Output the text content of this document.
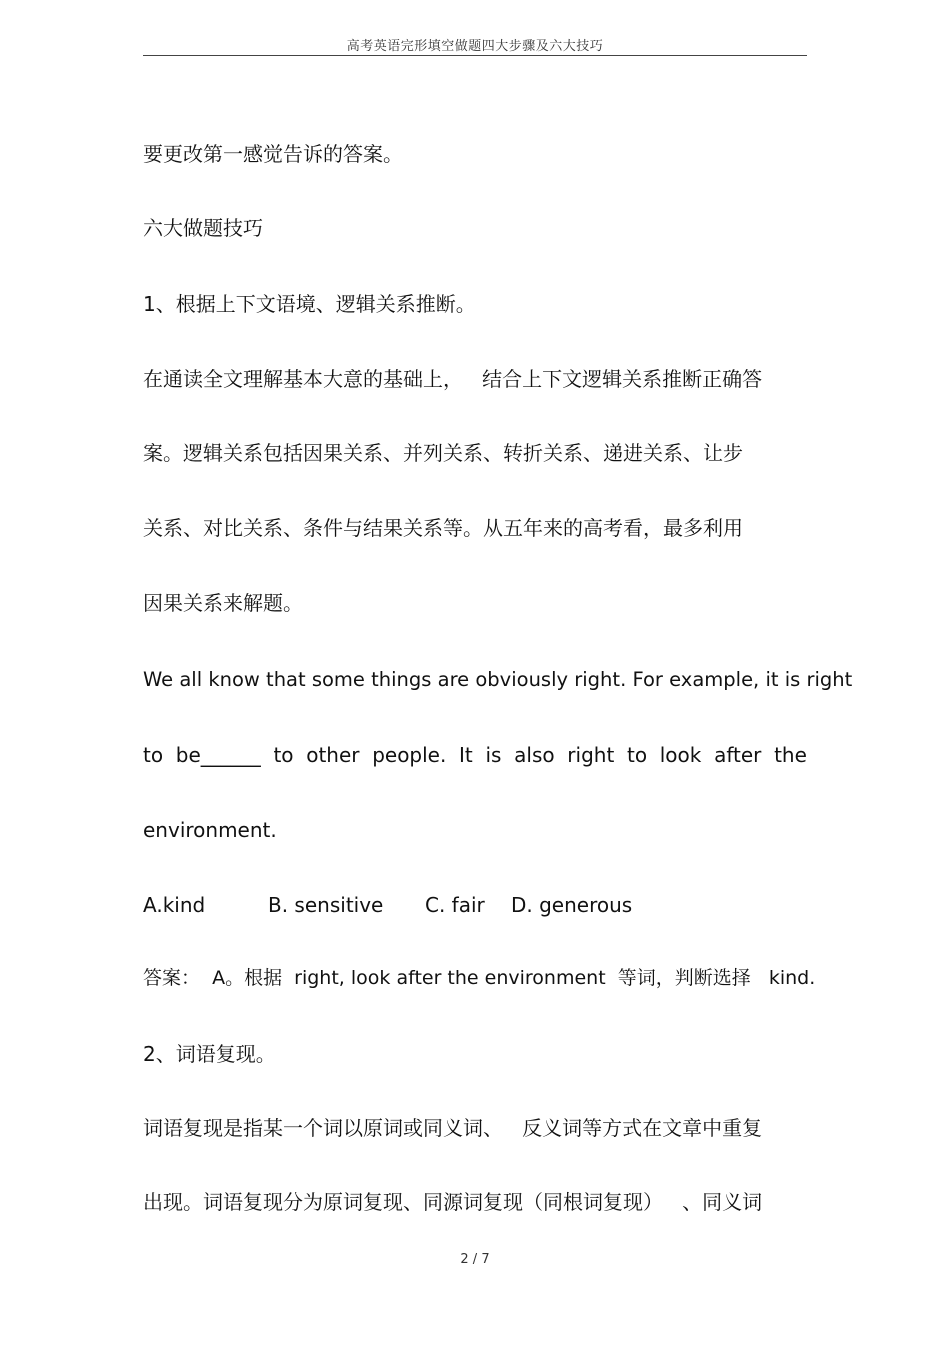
高考英语完形填空做题四大步骤及六大技巧
要更改第一感觉告诉的答案。
六大做题技巧
1、根据上下文语境、逻辑关系推断。
在通读全文理解基本大意的基础上，   结合上下文逻辑关系推断正确答
案。逻辑关系包括因果关系、并列关系、转折关系、递进关系、让步
关系、对比关系、条件与结果关系等。从五年来的高考看，最多利用
因果关系来解题。
We all know that some things are obviously right. For example, it is right
to be______ to other people. It is also right to look after the
environment.
A.kind	B. sensitive C. fair D. generous
答案：  A。根据  right, look after the environment  等词，判断选择   kind.
2、词语复现。
词语复现是指某一个词以原词或同义词、   反义词等方式在文章中重复
出现。词语复现分为原词复现、同源词复现（同根词复现）   、同义词
2 / 7
